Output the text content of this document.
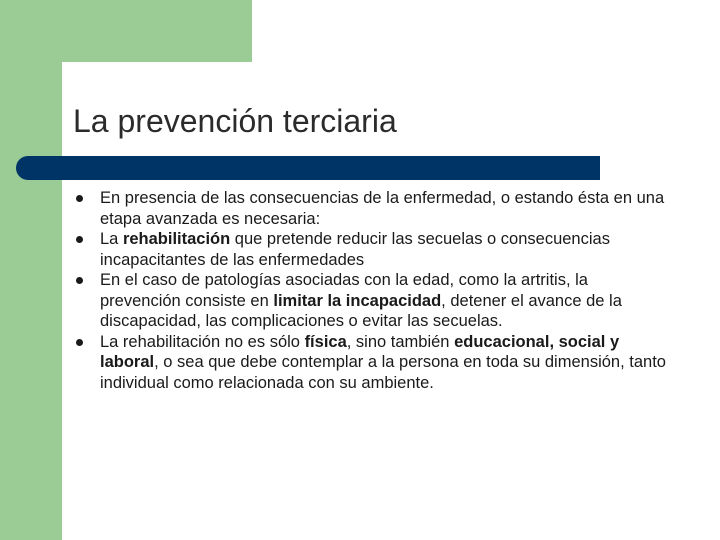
La prevención terciaria
En presencia de las consecuencias de la enfermedad, o estando ésta en una etapa avanzada es necesaria:
La rehabilitación que pretende reducir las secuelas o consecuencias incapacitantes de las enfermedades
En el caso de patologías asociadas con la edad, como la artritis, la prevención consiste en limitar la incapacidad, detener el avance de la discapacidad, las complicaciones o evitar las secuelas.
La rehabilitación no es sólo física, sino también educacional, social y laboral, o sea que debe contemplar a la persona en toda su dimensión, tanto individual como relacionada con su ambiente.
